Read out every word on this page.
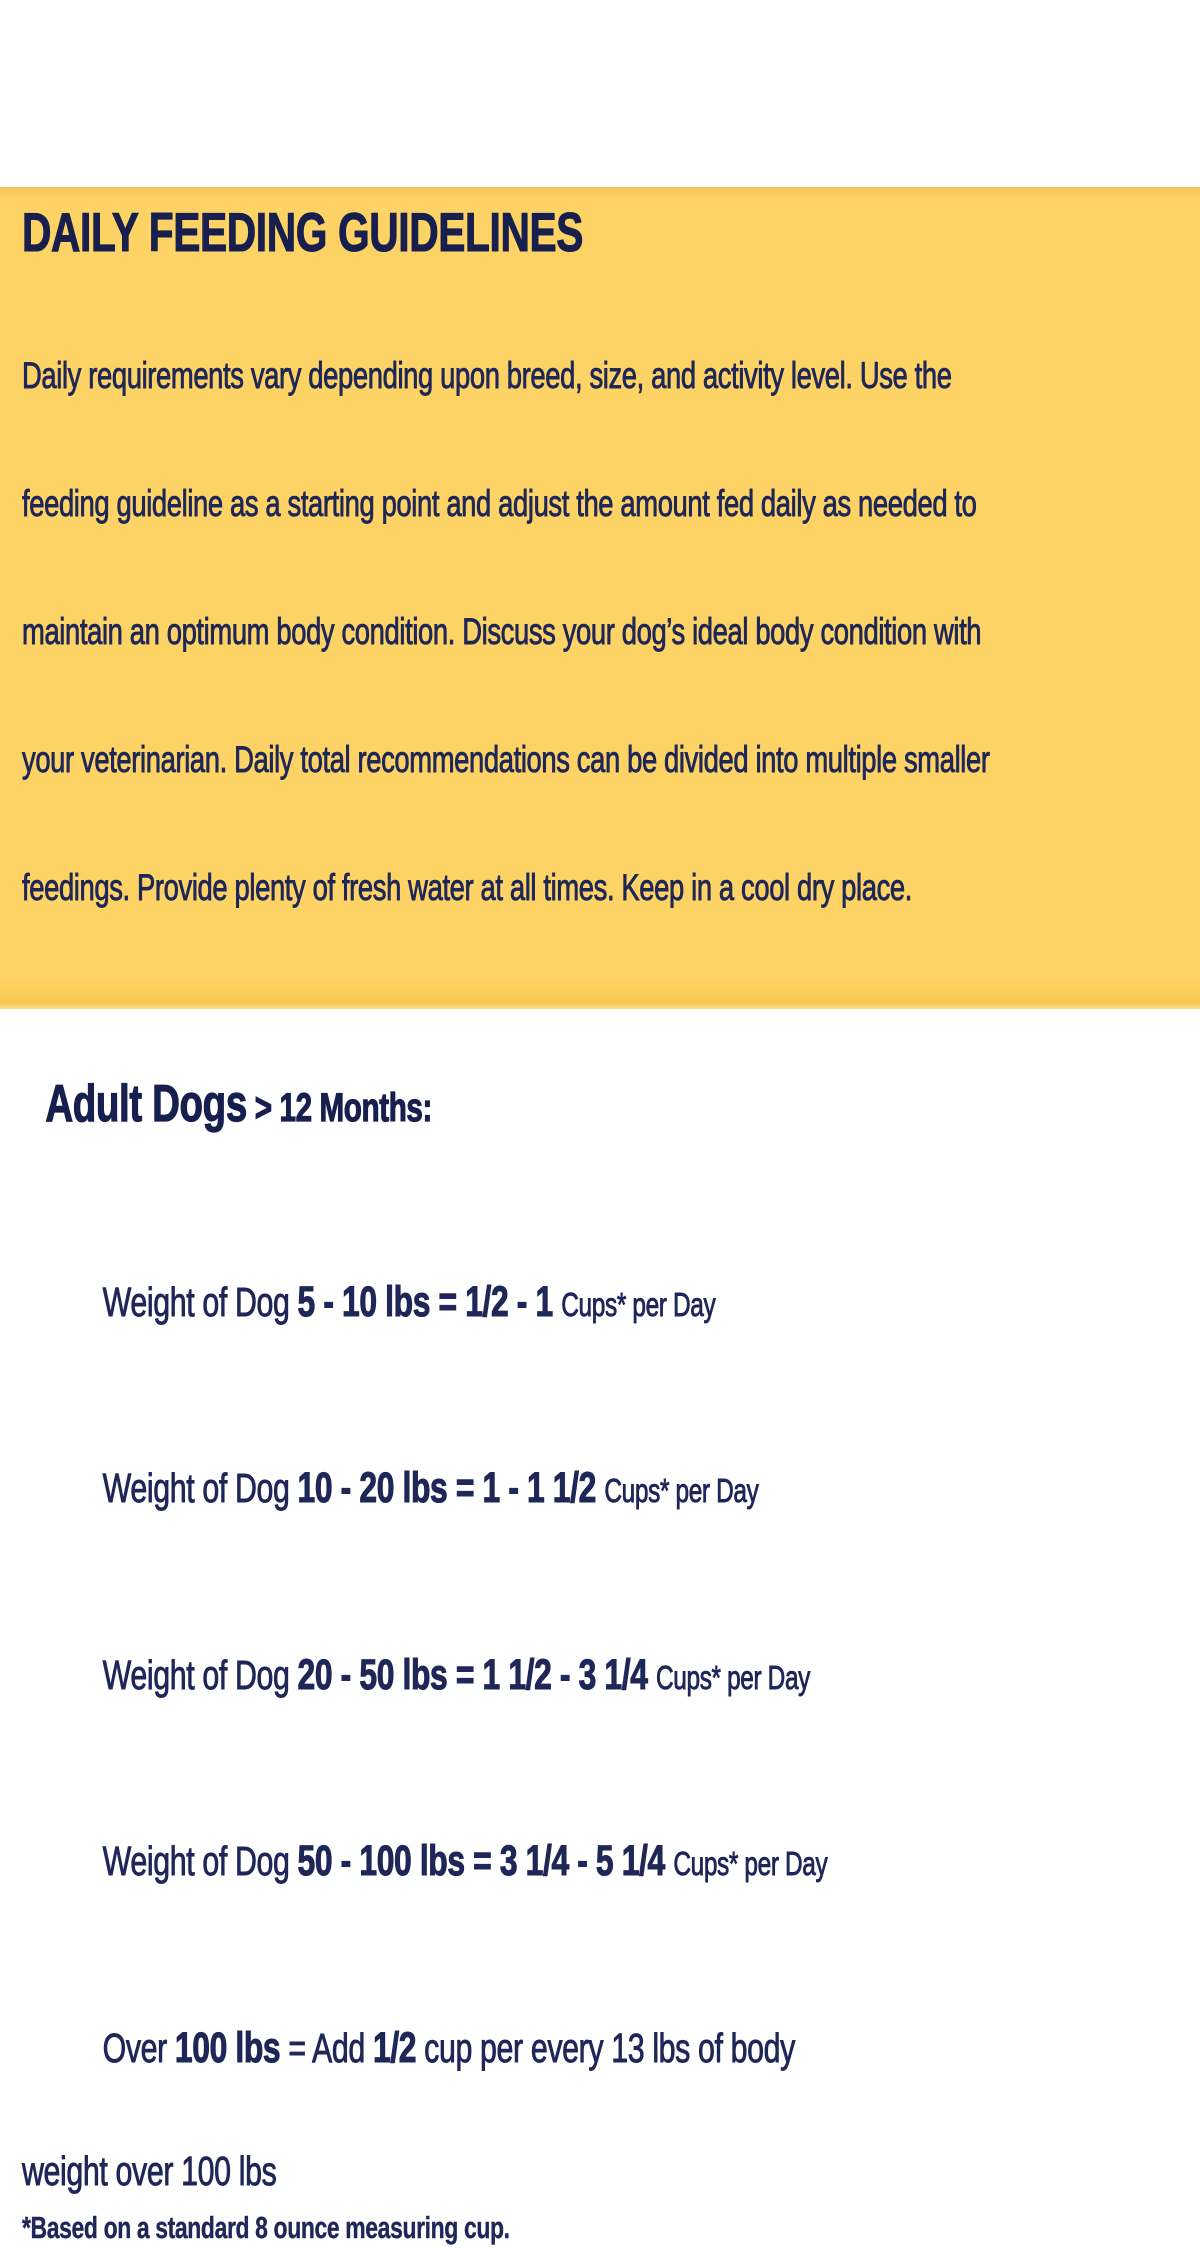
DAILY FEEDING GUIDELINES

Daily requirements vary depending upon breed, size, and activity level. Use the

feeding guideline as a starting point and adjust the amount fed daily as needed to

maintain an optimum body condition. Discuss your dog’s ideal body condition with

your veterinarian. Daily total recommendations can be divided into multiple smaller

feedings. Provide plenty of fresh water at all times. Keep in a cool dry place.

Adult Dogs > 12 Months:

Weight of Dog 5 - 10 lbs = 1/2 - 1 Cups* per Day

Weight of Dog 10 - 20 lbs = 1 - 1 1/2 Cups* per Day

Weight of Dog 20 - 50 lbs = 1 1/2 - 3 1/4 Cups* per Day

Weight of Dog 50 - 100 lbs = 3 1/4 - 5 1/4 Cups* per Day

Over 100 lbs = Add 1/2 cup per every 13 lbs of body

weight over 100 lbs
*Based on a standard 8 ounce measuring cup.
